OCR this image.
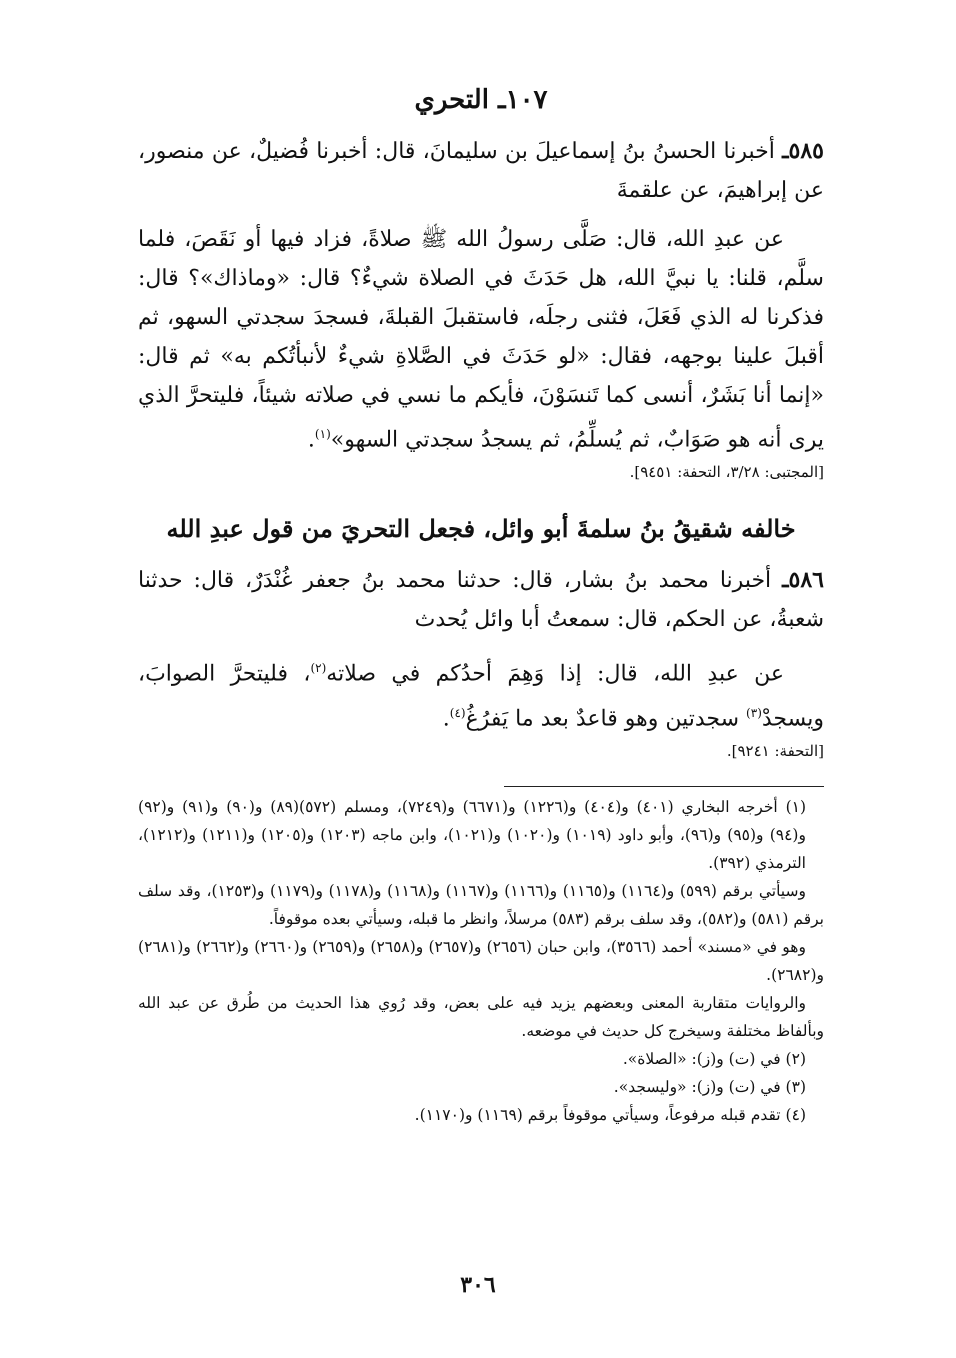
١٠٧ـ التحري

٥٨٥ـ أخبرنا الحسنُ بنُ إسماعيلَ بن سليمانَ، قال: أخبرنا فُضيلٌ، عن منصور، عن إبراهيمَ، عن علقمةَ

عن عبدِ الله، قال: صَلَّى رسولُ الله ﷺ صلاةً، فزاد فيها أو نَقَصَ، فلما سلَّم، قلنا: يا نبيَّ الله، هل حَدَثَ في الصلاة شيءٌ؟ قال: «وماذاك»؟ قال: فذكرنا له الذي فَعَلَ، فثنى رجلَه، فاستقبلَ القبلةَ، فسجدَ سجدتي السهو، ثم أقبلَ علينا بوجهه، فقال: «لو حَدَثَ في الصَّلاةِ شيءٌ لأنبأتُكم به» ثم قال: «إنما أنا بَشَرٌ، أنسى كما تَنسَوْنَ، فأيكم ما نسي في صلاته شيئاً، فليتحرَّ الذي يرى أنه هو صَوَابٌ، ثم يُسلِّمُ، ثم يسجدُ سجدتي السهو»$^{(١)}$.

[المجتبى: ٣/٢٨، التحفة: ٩٤٥١].

خالفه شقيقُ بنُ سلمةَ أبو وائل، فجعل التحريَ من قول عبدِ الله

٥٨٦ـ أخبرنا محمد بنُ بشار، قال: حدثنا محمد بنُ جعفر غُنْدَرٌ، قال: حدثنا شعبةُ، عن الحكم، قال: سمعتُ أبا وائل يُحدث

عن عبدِ الله، قال: إذا وَهِمَ أحدُكم في صلاته$^{(٢)}$، فليتحرَّ الصوابَ، ويسجدْ$^{(٣)}$ سجدتين وهو قاعدٌ بعد ما يَفرُغُ$^{(٤)}$.

[التحفة: ٩٢٤١].

(١) أخرجه البخاري (٤٠١) و(٤٠٤) و(١٢٢٦) و(٦٦٧١) و(٧٢٤٩)، ومسلم (٥٧٢)(٨٩) و(٩٠) و(٩١) و(٩٢) و(٩٤) و(٩٥) و(٩٦)، وأبو داود (١٠١٩) و(١٠٢٠) و(١٠٢١)، وابن ماجه (١٢٠٣) و(١٢٠٥) و(١٢١١) و(١٢١٢)، الترمذي (٣٩٢).

وسيأتي برقم (٥٩٩) و(١١٦٤) و(١١٦٥) و(١١٦٦) و(١١٦٧) و(١١٦٨) و(١١٧٨) و(١١٧٩) و(١٢٥٣)، وقد سلف برقم (٥٨١) و(٥٨٢)، وقد سلف برقم (٥٨٣) مرسلاً، وانظر ما قبله، وسيأتي بعده موقوفاً.

وهو في «مسند» أحمد (٣٥٦٦)، وابن حبان (٢٦٥٦) و(٢٦٥٧) و(٢٦٥٨) و(٢٦٥٩) و(٢٦٦٠) و(٢٦٦٢) و(٢٦٨١) و(٢٦٨٢).

والروايات متقاربة المعنى وبعضهم يزيد فيه على بعض، وقد رُوي هذا الحديث من طُرق عن عبد الله وبألفاظ مختلفة وسيخرج كل حديث في موضعه.

(٢) في (ت) و(ز): «الصلاة».

(٣) في (ت) و(ز): «وليسجد».

(٤) تقدم قبله مرفوعاً، وسيأتي موقوفاً برقم (١١٦٩) و(١١٧٠).

٣٠٦
